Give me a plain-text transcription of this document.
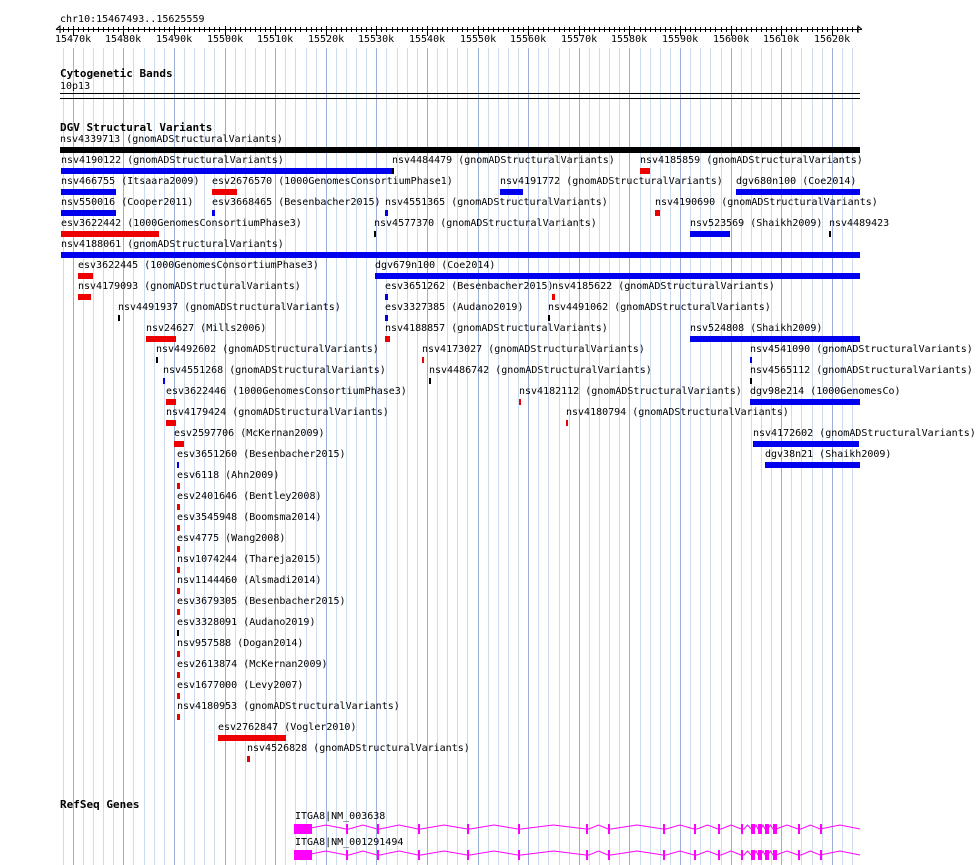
chr10:15467493..15625559
15470k 15480k 15490k 15500k 15510k 15520k 15530k 15540k 15550k 15560k 15570k 15580k 15590k 15600k 15610k 15620k
Cytogenetic Bands
10p13
DGV Structural Variants
nsv4339713 (gnomADStructuralVariants)
nsv4190122 (gnomADStructuralVariants)	nsv4484479 (gnomADStructuralVariants)	nsv4185859 (gnomADStructuralVariants)
nsv466755 (Itsaara2009) esv2676570 (1000GenomesConsortiumPhase1)	nsv4191772 (gnomADStructuralVariants) dgv680n100 (Coe2014)
nsv550016 (Cooper2011) esv3668465 (Besenbacher2015) nsv4551365 (gnomADStructuralVariants)	nsv4190690 (gnomADStructuralVariants)
esv3622442 (1000GenomesConsortiumPhase3)	nsv4577370 (gnomADStructuralVariants)	nsv523569 (Shaikh2009) nsv4489423
nsv4188061 (gnomADStructuralVariants)
esv3622445 (1000GenomesConsortiumPhase3)	dgv679n100 (Coe2014)
nsv4179093 (gnomADStructuralVariants)	esv3651262 (Besenbacher2015)
nsv4185622 (gnomADStructuralVariants)
nsv4491937 (gnomADStructuralVariants)	esv3327385 (Audano2019) nsv4491062 (gnomADStructuralVariants)
nsv24627 (Mills2006)	nsv4188857 (gnomADStructuralVariants)	nsv524808 (Shaikh2009)
nsv4492602 (gnomADStructuralVariants)	nsv4173027 (gnomADStructuralVariants)	nsv4541090 (gnomADStructuralVariants)
nsv4551268 (gnomADStructuralVariants)	nsv4486742 (gnomADStructuralVariants)	nsv4565112 (gnomADStructuralVariants)
esv3622446 (1000GenomesConsortiumPhase3)	nsv4182112 (gnomADStructuralVariants) dgv98e214 (1000GenomesCo)
nsv4179424 (gnomADStructuralVariants)	nsv4180794 (gnomADStructuralVariants)
esv2597706 (McKernan2009)	nsv4172602 (gnomADStructuralVariants)
esv3651260 (Besenbacher2015)	dgv38n21 (Shaikh2009)
esv6118 (Ahn2009)
esv2401646 (Bentley2008)
esv3545948 (Boomsma2014)
esv4775 (Wang2008)
nsv1074244 (Thareja2015)
nsv1144460 (Alsmadi2014)
esv3679305 (Besenbacher2015)
esv3328091 (Audano2019)
nsv957588 (Dogan2014)
esv2613874 (McKernan2009)
esv1677000 (Levy2007)
nsv4180953 (gnomADStructuralVariants)
esv2762847 (Vogler2010)
nsv4526828 (gnomADStructuralVariants)
RefSeq Genes
ITGA8|NM_003638
ITGA8|NM_001291494
